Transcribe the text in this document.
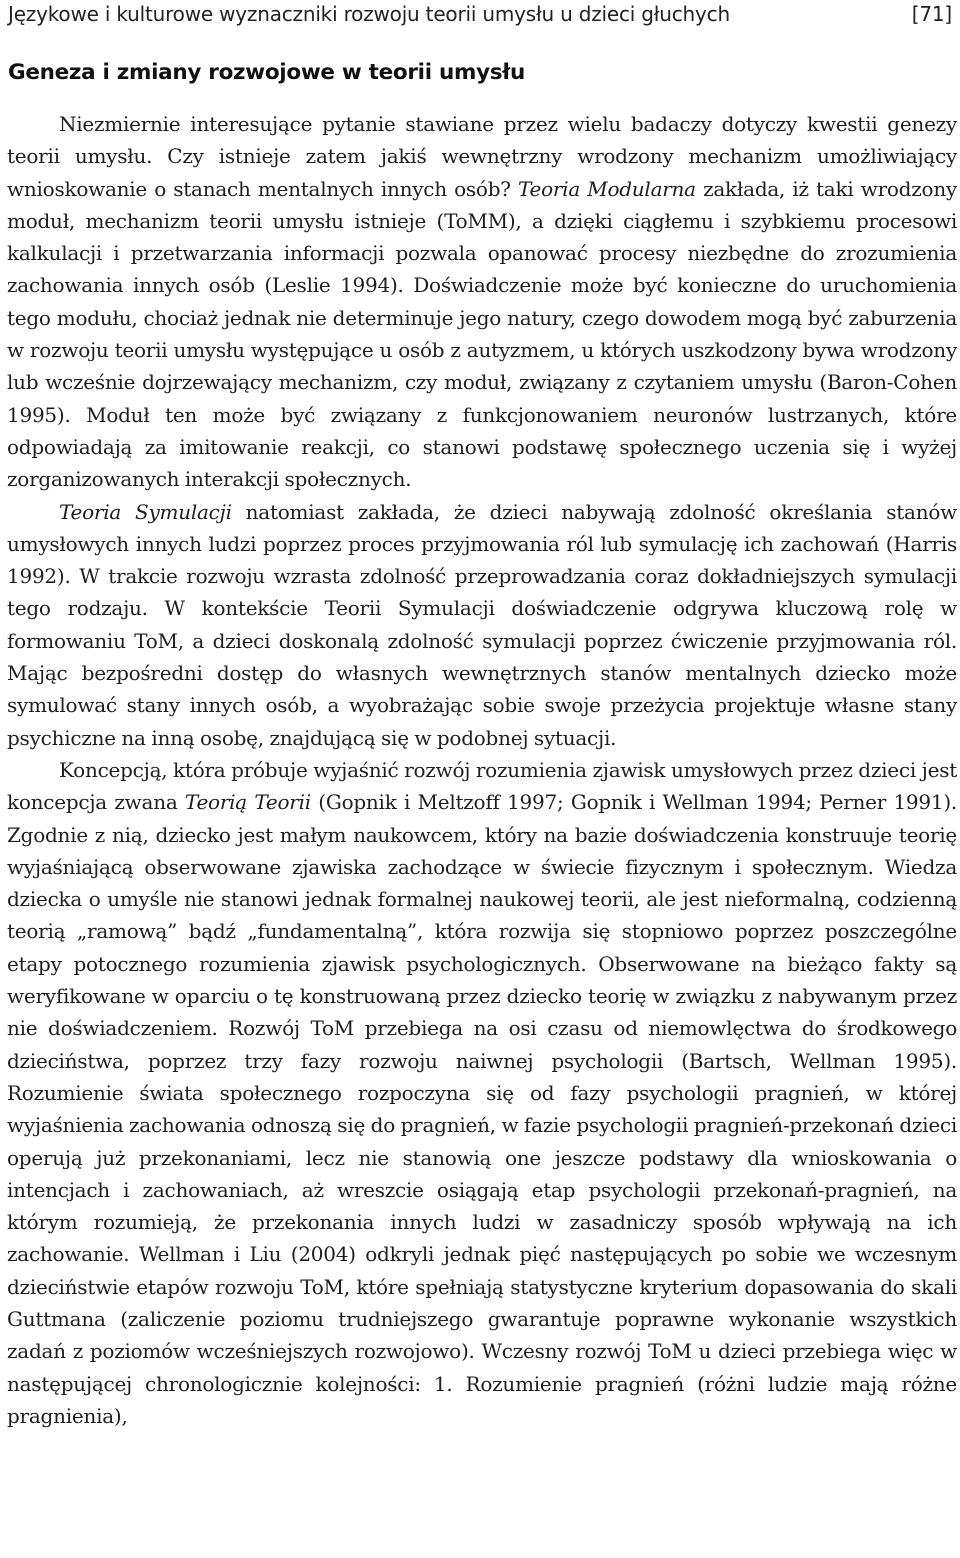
Językowe i kulturowe wyznaczniki rozwoju teorii umysłu u dzieci głuchych	[71]
Geneza i zmiany rozwojowe w teorii umysłu

Niezmiernie interesujące pytanie stawiane przez wielu badaczy dotyczy kwestii genezy teorii umysłu. Czy istnieje zatem jakiś wewnętrzny wrodzony mechanizm umożliwiający wnioskowanie o stanach mentalnych innych osób? Teoria Modularna zakłada, iż taki wrodzony moduł, mechanizm teorii umysłu istnieje (ToMM), a dzięki ciągłemu i szybkiemu procesowi kalkulacji i przetwarzania informacji pozwala opanować procesy niezbędne do zrozumienia zachowania innych osób (Leslie 1994). Doświadczenie może być konieczne do uruchomienia tego modułu, chociaż jednak nie determinuje jego natury, czego dowodem mogą być zaburzenia w rozwoju teorii umysłu występujące u osób z autyzmem, u których uszkodzony bywa wrodzony lub wcześnie dojrzewający mechanizm, czy moduł, związany z czytaniem umysłu (Baron-Cohen 1995). Moduł ten może być związany z funkcjonowaniem neuronów lustrzanych, które odpowiadają za imitowanie reakcji, co stanowi podstawę społecznego uczenia się i wyżej zorganizowanych interakcji społecznych.

Teoria Symulacji natomiast zakłada, że dzieci nabywają zdolność określania stanów umysłowych innych ludzi poprzez proces przyjmowania ról lub symulację ich zachowań (Harris 1992). W trakcie rozwoju wzrasta zdolność przeprowadzania coraz dokładniejszych symulacji tego rodzaju. W kontekście Teorii Symulacji doświadczenie odgrywa kluczową rolę w formowaniu ToM, a dzieci doskonalą zdolność symulacji poprzez ćwiczenie przyjmowania ról. Mając bezpośredni dostęp do własnych wewnętrznych stanów mentalnych dziecko może symulować stany innych osób, a wyobrażając sobie swoje przeżycia projektuje własne stany psychiczne na inną osobę, znajdującą się w podobnej sytuacji.

Koncepcją, która próbuje wyjaśnić rozwój rozumienia zjawisk umysłowych przez dzieci jest koncepcja zwana Teorią Teorii (Gopnik i Meltzoff 1997; Gopnik i Wellman 1994; Perner 1991). Zgodnie z nią, dziecko jest małym naukowcem, który na bazie doświadczenia konstruuje teorię wyjaśniającą obserwowane zjawiska zachodzące w świecie fizycznym i społecznym. Wiedza dziecka o umyśle nie stanowi jednak formalnej naukowej teorii, ale jest nieformalną, codzienną teorią „ramową” bądź „fundamentalną”, która rozwija się stopniowo poprzez poszczególne etapy potocznego rozumienia zjawisk psychologicznych. Obserwowane na bieżąco fakty są weryfikowane w oparciu o tę konstruowaną przez dziecko teorię w związku z nabywanym przez nie doświadczeniem. Rozwój ToM przebiega na osi czasu od niemowlęctwa do środkowego dzieciństwa, poprzez trzy fazy rozwoju naiwnej psychologii (Bartsch, Wellman 1995). Rozumienie świata społecznego rozpoczyna się od fazy psychologii pragnień, w której wyjaśnienia zachowania odnoszą się do pragnień, w fazie psychologii pragnień-przekonań dzieci operują już przekonaniami, lecz nie stanowią one jeszcze podstawy dla wnioskowania o intencjach i zachowaniach, aż wreszcie osiągają etap psychologii przekonań-pragnień, na którym rozumieją, że przekonania innych ludzi w zasadniczy sposób wpływają na ich zachowanie. Wellman i Liu (2004) odkryli jednak pięć następujących po sobie we wczesnym dzieciństwie etapów rozwoju ToM, które spełniają statystyczne kryterium dopasowania do skali Guttmana (zaliczenie poziomu trudniejszego gwarantuje poprawne wykonanie wszystkich zadań z poziomów wcześniejszych rozwojowo). Wczesny rozwój ToM u dzieci przebiega więc w następującej chronologicznie kolejności: 1. Rozumienie pragnień (różni ludzie mają różne pragnienia),
